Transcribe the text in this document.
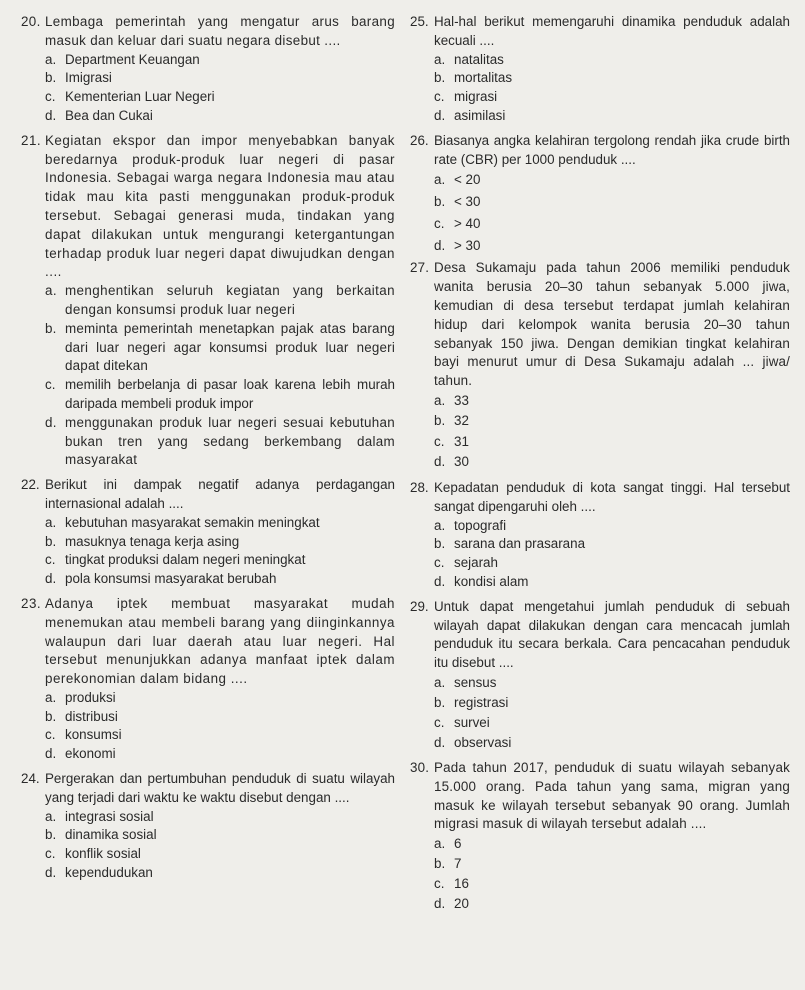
20. Lembaga pemerintah yang mengatur arus barang masuk dan keluar dari suatu negara disebut ....
a. Department Keuangan
b. Imigrasi
c. Kementerian Luar Negeri
d. Bea dan Cukai
21. Kegiatan ekspor dan impor menyebabkan banyak beredarnya produk-produk luar negeri di pasar Indonesia. Sebagai warga negara Indonesia mau atau tidak mau kita pasti menggunakan produk-produk tersebut. Sebagai generasi muda, tindakan yang dapat dilakukan untuk mengurangi ketergantungan terhadap produk luar negeri dapat diwujudkan dengan ....
a. menghentikan seluruh kegiatan yang berkaitan dengan konsumsi produk luar negeri
b. meminta pemerintah menetapkan pajak atas barang dari luar negeri agar konsumsi produk luar negeri dapat ditekan
c. memilih berbelanja di pasar loak karena lebih murah daripada membeli produk impor
d. menggunakan produk luar negeri sesuai kebutuhan bukan tren yang sedang berkembang dalam masyarakat
22. Berikut ini dampak negatif adanya perdagangan internasional adalah ....
a. kebutuhan masyarakat semakin meningkat
b. masuknya tenaga kerja asing
c. tingkat produksi dalam negeri meningkat
d. pola konsumsi masyarakat berubah
23. Adanya iptek membuat masyarakat mudah menemukan atau membeli barang yang diinginkannya walaupun dari luar daerah atau luar negeri. Hal tersebut menunjukkan adanya manfaat iptek dalam perekonomian dalam bidang ....
a. produksi
b. distribusi
c. konsumsi
d. ekonomi
24. Pergerakan dan pertumbuhan penduduk di suatu wilayah yang terjadi dari waktu ke waktu disebut dengan ....
a. integrasi sosial
b. dinamika sosial
c. konflik sosial
d. kependudukan
25. Hal-hal berikut memengaruhi dinamika penduduk adalah kecuali ....
a. natalitas
b. mortalitas
c. migrasi
d. asimilasi
26. Biasanya angka kelahiran tergolong rendah jika crude birth rate (CBR) per 1000 penduduk ....
a. < 20
b. < 30
c. > 40
d. > 30
27. Desa Sukamaju pada tahun 2006 memiliki penduduk wanita berusia 20–30 tahun sebanyak 5.000 jiwa, kemudian di desa tersebut terdapat jumlah kelahiran hidup dari kelompok wanita berusia 20–30 tahun sebanyak 150 jiwa. Dengan demikian tingkat kelahiran bayi menurut umur di Desa Sukamaju adalah ... jiwa/ tahun.
a. 33
b. 32
c. 31
d. 30
28. Kepadatan penduduk di kota sangat tinggi. Hal tersebut sangat dipengaruhi oleh ....
a. topografi
b. sarana dan prasarana
c. sejarah
d. kondisi alam
29. Untuk dapat mengetahui jumlah penduduk di sebuah wilayah dapat dilakukan dengan cara mencacah jumlah penduduk itu secara berkala. Cara pencacahan penduduk itu disebut ....
a. sensus
b. registrasi
c. survei
d. observasi
30. Pada tahun 2017, penduduk di suatu wilayah sebanyak 15.000 orang. Pada tahun yang sama, migran yang masuk ke wilayah tersebut sebanyak 90 orang. Jumlah migrasi masuk di wilayah tersebut adalah ....
a. 6
b. 7
c. 16
d. 20
